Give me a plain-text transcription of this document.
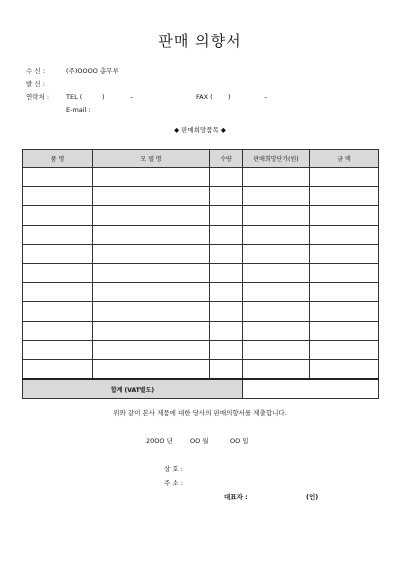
판매 의향서
수 신 :	(주)OOOO 총무부
발 신 :
연락처 :	TEL (	)	–	FAX ( )	–
E-mail :
◆ 판매희망품목 ◆
품 명	모 델 명	수량	판매희망단가(원)	금 액

합계 (VAT별도)				
위와 같이 본사 제품에 대한 당사의 판매의향서를 제출합니다.
20OO 년	OO 월	OO 일
상 호 :
주 소 :
대표자 :	(인)
